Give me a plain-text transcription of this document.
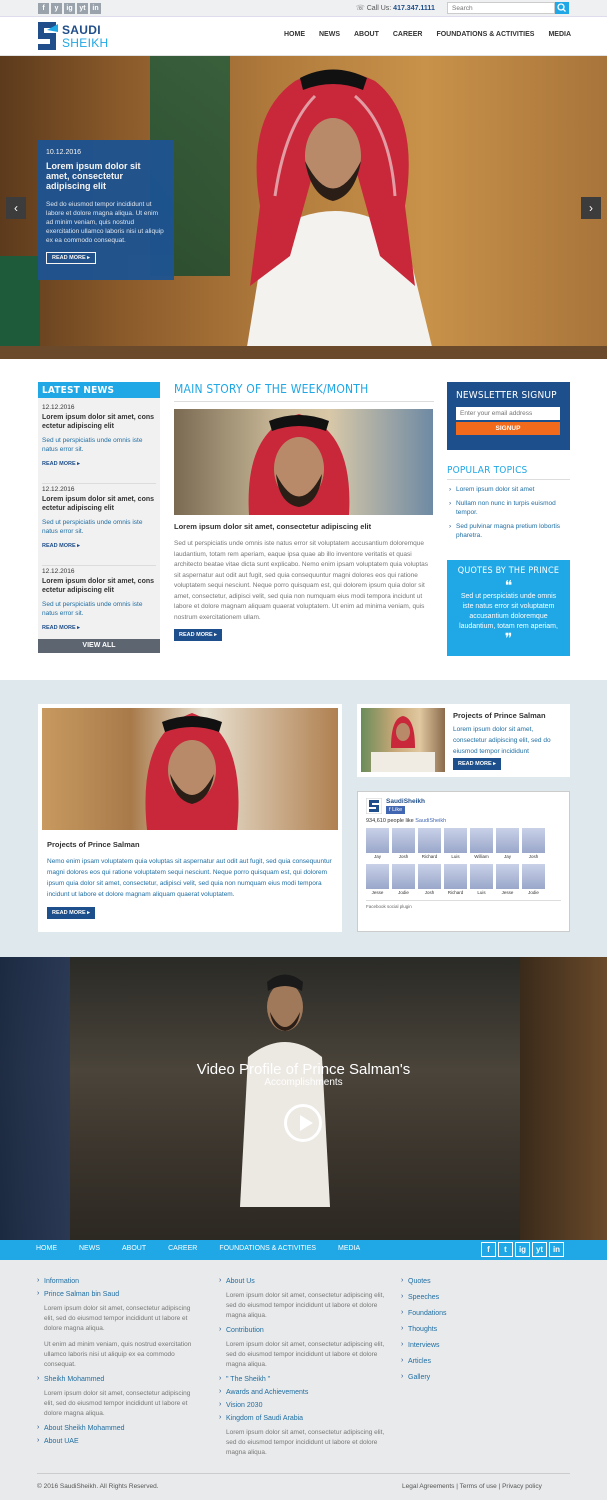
f y ig yt in	☏ Call Us: 417.347.1111
Search
SAUDI
SHEIKH
HOME NEWS ABOUT CAREER FOUNDATIONS & ACTIVITIES MEDIA
10.12.2016
Lorem ipsum dolor sit amet, consectetur adipiscing elit
Sed do eiusmod tempor incididunt ut labore et dolore magna aliqua. Ut enim ad minim veniam, quis nostrud exercitation ullamco laboris nisi ut aliquip ex ea commodo consequat.
READ MORE ▸
‹	›
LATEST NEWS
12.12.2016
Lorem ipsum dolor sit amet, cons ectetur adipiscing elit
Sed ut perspiciatis unde omnis iste natus error sit.
READ MORE ▸
12.12.2016
Lorem ipsum dolor sit amet, cons ectetur adipiscing elit
Sed ut perspiciatis unde omnis iste natus error sit.
READ MORE ▸
12.12.2016
Lorem ipsum dolor sit amet, cons ectetur adipiscing elit
Sed ut perspiciatis unde omnis iste natus error sit.
READ MORE ▸
VIEW ALL
MAIN STORY OF THE WEEK/MONTH
Lorem ipsum dolor sit amet, consectetur adipiscing elit
Sed ut perspiciatis unde omnis iste natus error sit voluptatem accusantium doloremque laudantium, totam rem aperiam, eaque ipsa quae ab illo inventore veritatis et quasi architecto beatae vitae dicta sunt explicabo. Nemo enim ipsam voluptatem quia voluptas sit aspernatur aut odit aut fugit, sed quia consequuntur magni dolores eos qui ratione voluptatem sequi nesciunt. Neque porro quisquam est, qui dolorem ipsum quia dolor sit amet, consectetur, adipisci velit, sed quia non numquam eius modi tempora incidunt ut labore et dolore magnam aliquam quaerat voluptatem. Ut enim ad minima veniam, quis nostrum exercitationem ullam.
READ MORE ▸
NEWSLETTER SIGNUP
Enter your email address
SIGNUP
POPULAR TOPICS
› Lorem ipsum dolor sit amet
› Nullam non nunc in turpis euismod tempor.
› Sed pulvinar magna pretium lobortis pharetra.
QUOTES BY THE PRINCE
❝
Sed ut perspiciatis unde omnis iste natus error sit voluptatem accusantium doloremque laudantium, totam rem aperiam,
❞
Projects of Prince Salman
Nemo enim ipsam voluptatem quia voluptas sit aspernatur aut odit aut fugit, sed quia consequuntur magni dolores eos qui ratione voluptatem sequi nesciunt. Neque porro quisquam est, qui dolorem ipsum quia dolor sit amet, consectetur, adipisci velit, sed quia non numquam eius modi tempora incidunt ut labore et dolore magnam aliquam quaerat voluptatem.
READ MORE ▸
Projects of Prince Salman
Lorem ipsum dolor sit amet, consectetur adipiscing elit, sed do eiusmod tempor incididunt
READ MORE ▸
SaudiSheikh
f Like
934,610 people like SaudiSheikh
Jay	Josh	Richard	Luis	William	Jay	Josh
Jesse	Jodie	Josh	Richard	Luis	Jesse	Jodie
Facebook social plugin
Video Profile of Prince Salman's
Accomplishments
HOME	NEWS	ABOUT	CAREER	FOUNDATIONS & ACTIVITIES	MEDIA	f	t	ig	yt	in
› Information
› Prince Salman bin Saud
Lorem ipsum dolor sit amet, consectetur adipiscing elit, sed do eiusmod tempor incididunt ut labore et dolore magna aliqua.
Ut enim ad minim veniam, quis nostrud exercitation ullamco laboris nisi ut aliquip ex ea commodo consequat.
› Sheikh Mohammed
Lorem ipsum dolor sit amet, consectetur adipiscing elit, sed do eiusmod tempor incididunt ut labore et dolore magna aliqua.
› About Sheikh Mohammed
› About UAE
› About Us
Lorem ipsum dolor sit amet, consectetur adipiscing elit, sed do eiusmod tempor incididunt ut labore et dolore magna aliqua.
› Contribution
Lorem ipsum dolor sit amet, consectetur adipiscing elit, sed do eiusmod tempor incididunt ut labore et dolore magna aliqua.
› " The Sheikh "
› Awards and Achievements
› Vision 2030
› Kingdom of Saudi Arabia
Lorem ipsum dolor sit amet, consectetur adipiscing elit, sed do eiusmod tempor incididunt ut labore et dolore magna aliqua.
› Quotes
› Speeches
› Foundations
› Thoughts
› Interviews
› Articles
› Gallery
© 2016 SaudiSheikh. All Rights Reserved.	Legal Agreements | Terms of use | Privacy policy
